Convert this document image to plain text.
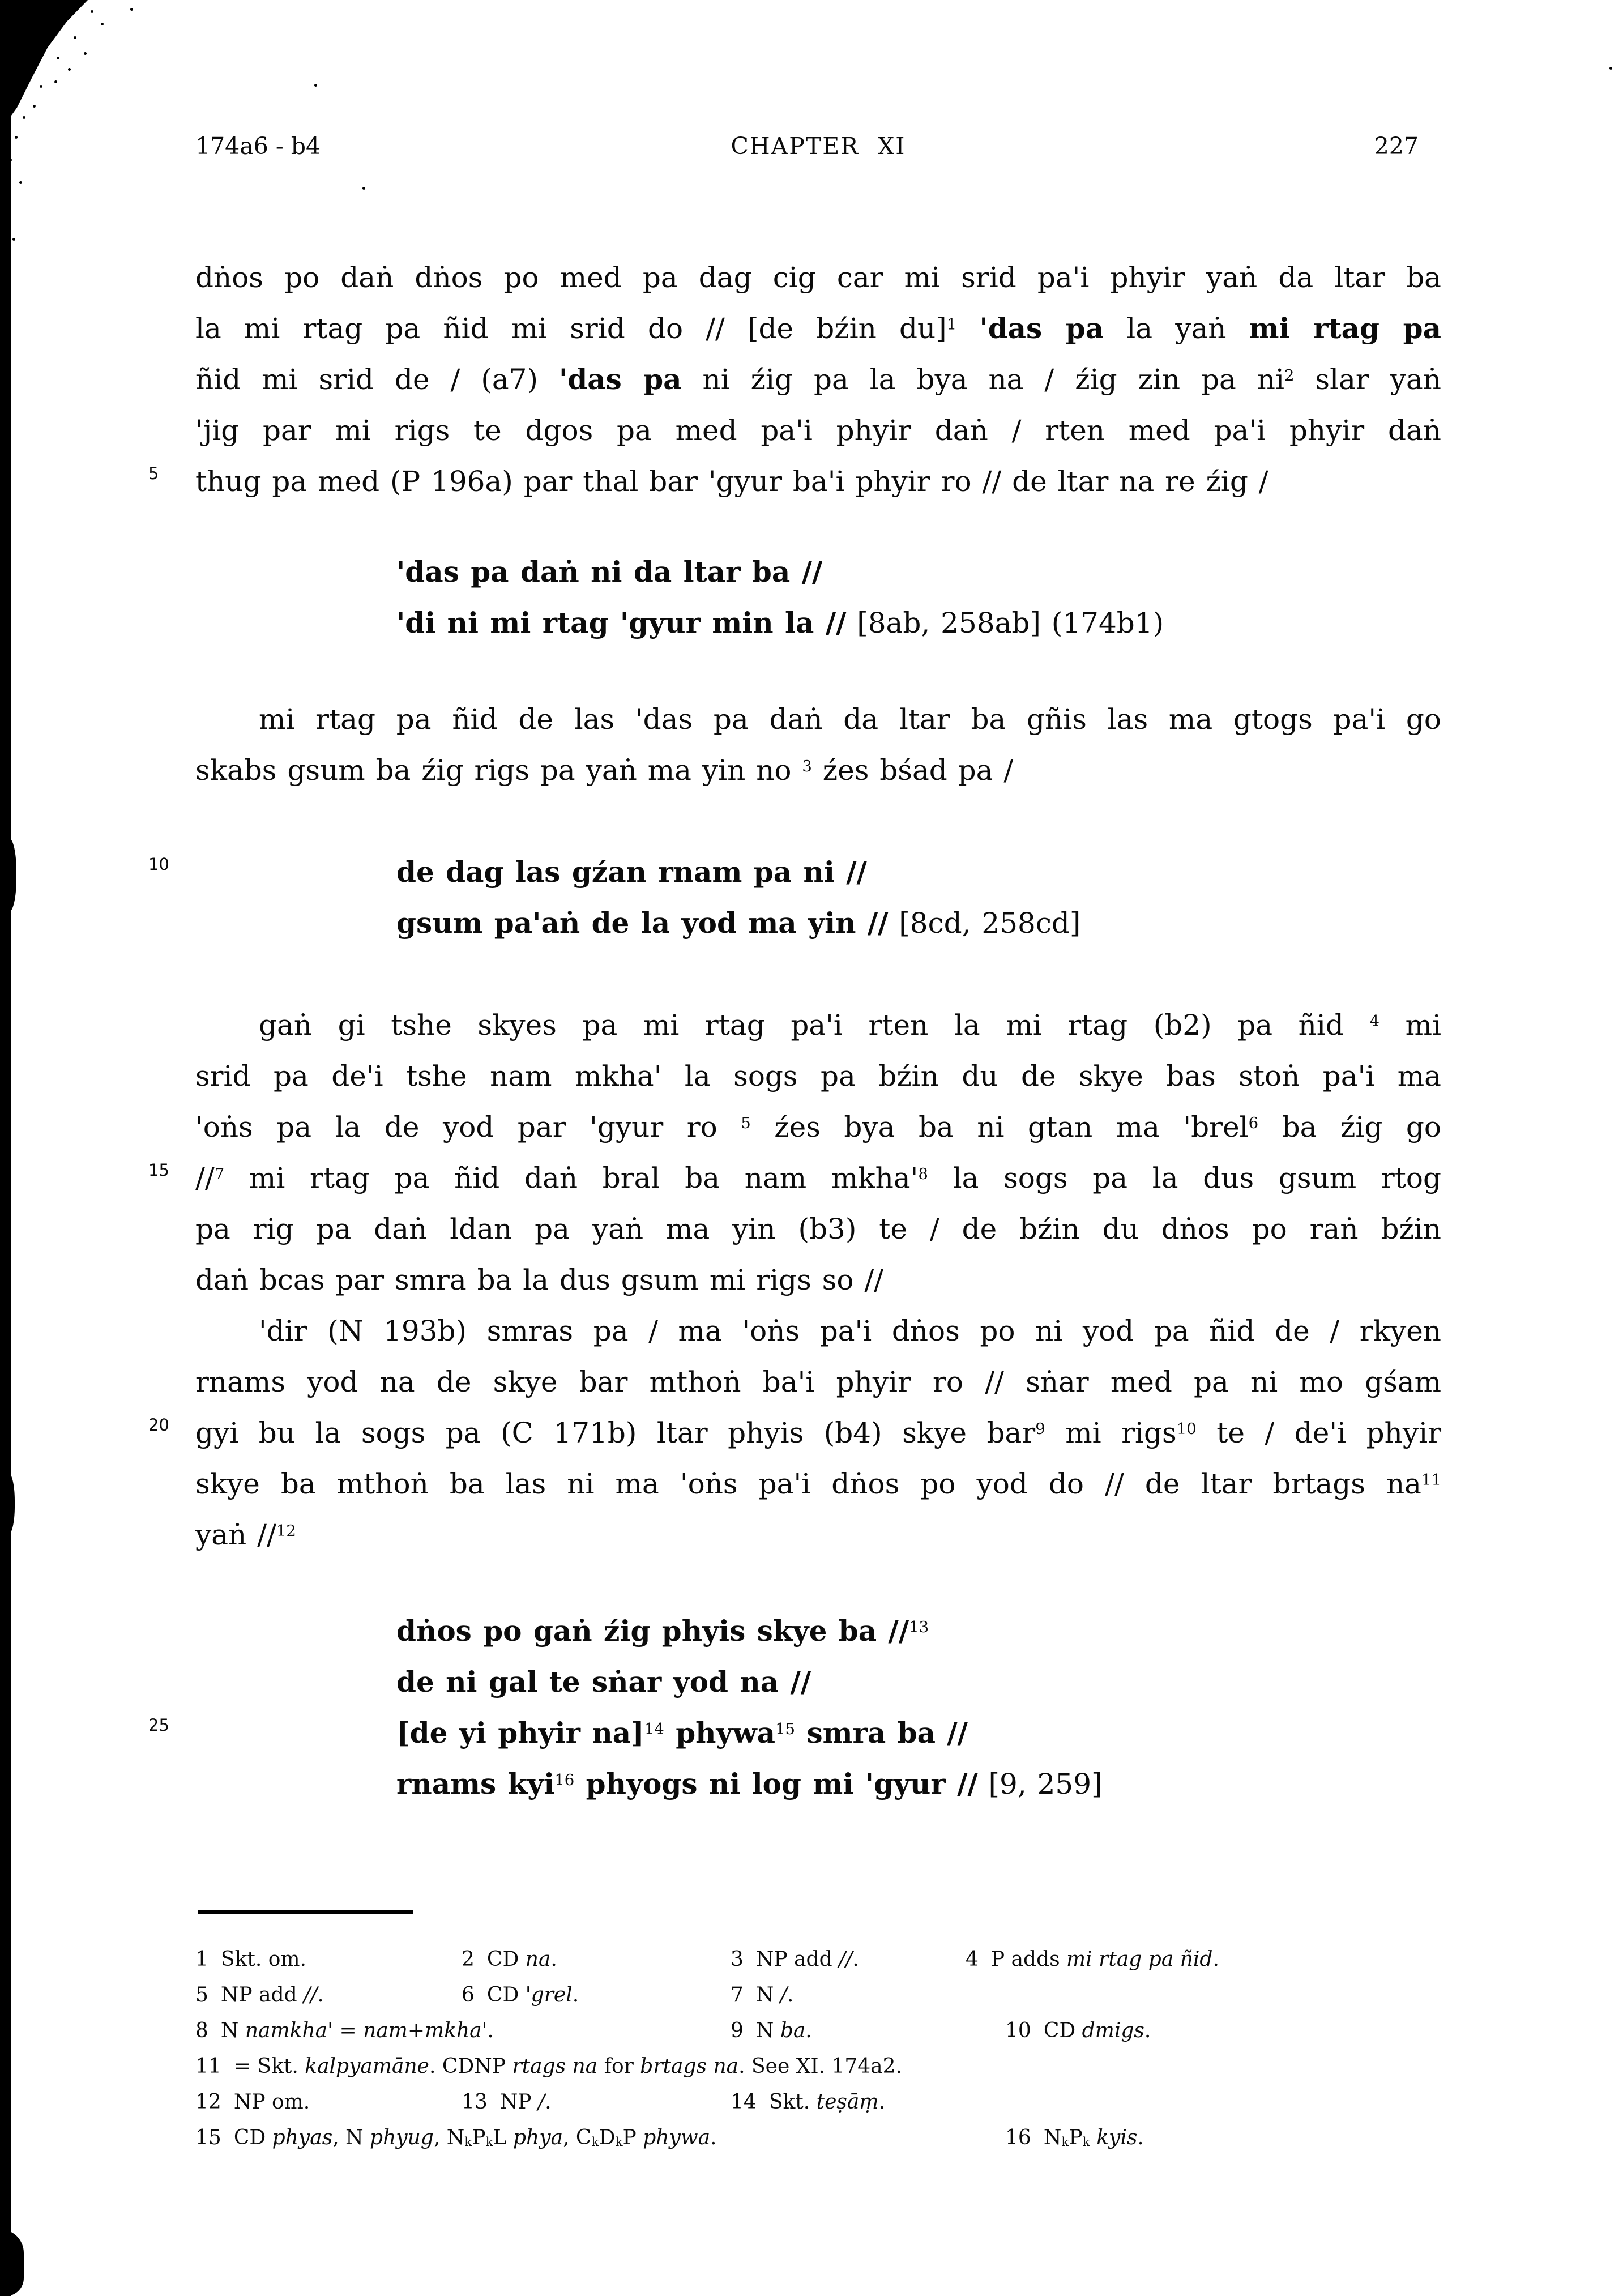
174a6 - b4	CHAPTER XI	227
5
10
15
20
25
dṅos po daṅ dṅos po med pa dag cig car mi srid pa'i phyir yaṅ da ltar ba
la mi rtag pa ñid mi srid do // [de bźin du]$^1$ 'das pa la yaṅ mi rtag pa
ñid mi srid de / (a7) 'das pa ni źig pa la bya na / źig zin pa $ni^2$ slar yaṅ
'jig par mi rigs te dgos pa med pa'i phyir daṅ / rten med pa'i phyir daṅ
thug pa med (P 196a) par thal bar 'gyur ba'i phyir ro // de ltar na re źig /
'das pa daṅ ni da ltar ba //
'di ni mi rtag 'gyur min la // [8ab, 258ab] (174b1)
mi rtag pa ñid de las 'das pa daṅ da ltar ba gñis las ma gtogs pa'i go
skabs gsum ba źig rigs pa yaṅ ma yin no $^3$ źes bśad pa /
de dag las gźan rnam pa ni //
gsum pa'aṅ de la yod ma yin // [8cd, 258cd]
gaṅ gi tshe skyes pa mi rtag pa'i rten la mi rtag (b2) pa ñid $^4$ mi
srid pa de'i tshe nam mkha' la sogs pa bźin du de skye bas stoṅ pa'i ma
'oṅs pa la de yod par 'gyur ro $^5$ źes bya ba ni gtan ma 'brel$^6$ ba źig go
//$^7$ mi rtag pa ñid daṅ bral ba nam $mkha'^8$ la sogs pa la dus gsum rtog
pa rig pa daṅ ldan pa yaṅ ma yin (b3) te / de bźin du dṅos po raṅ bźin
daṅ bcas par smra ba la dus gsum mi rigs so //
'dir (N 193b) smras pa / ma 'oṅs pa'i dṅos po ni yod pa ñid de / rkyen
rnams yod na de skye bar mthoṅ ba'i phyir ro // sṅar med pa ni mo gśam
gyi bu la sogs pa (C 171b) ltar phyis (b4) skye bar$^9$ mi rigs$^{10}$ te / de'i phyir
skye ba mthoṅ ba las ni ma 'oṅs pa'i dṅos po yod do // de ltar brtags $na^{11}$
yaṅ //$^{12}$
dṅos po gaṅ źig phyis skye ba //$^{13}$
de ni gal te sṅar yod na //
[de yi phyir na]$^{14}$ phywa$^{15}$ smra ba //
rnams kyi$^{16}$ phyogs ni log mi 'gyur // [9, 259]
1 Skt. om.	2 CD na.	3 NP add //.	4 P adds mi rtag pa ñid.
5 NP add //.	6 CD 'grel.	7 N /.
8 N namkha' = nam+mkha'.	9 N ba.	10 CD dmigs.
11 = Skt. kalpyamāne. CDNP rtags na for brtags na. See XI. 174a2.
12 NP om.	13 NP /.	14 Skt. teṣāṃ.
15 CD phyas, N phyug, NkPkL phya, CkDkP phywa.	16 NkPk kyis.
